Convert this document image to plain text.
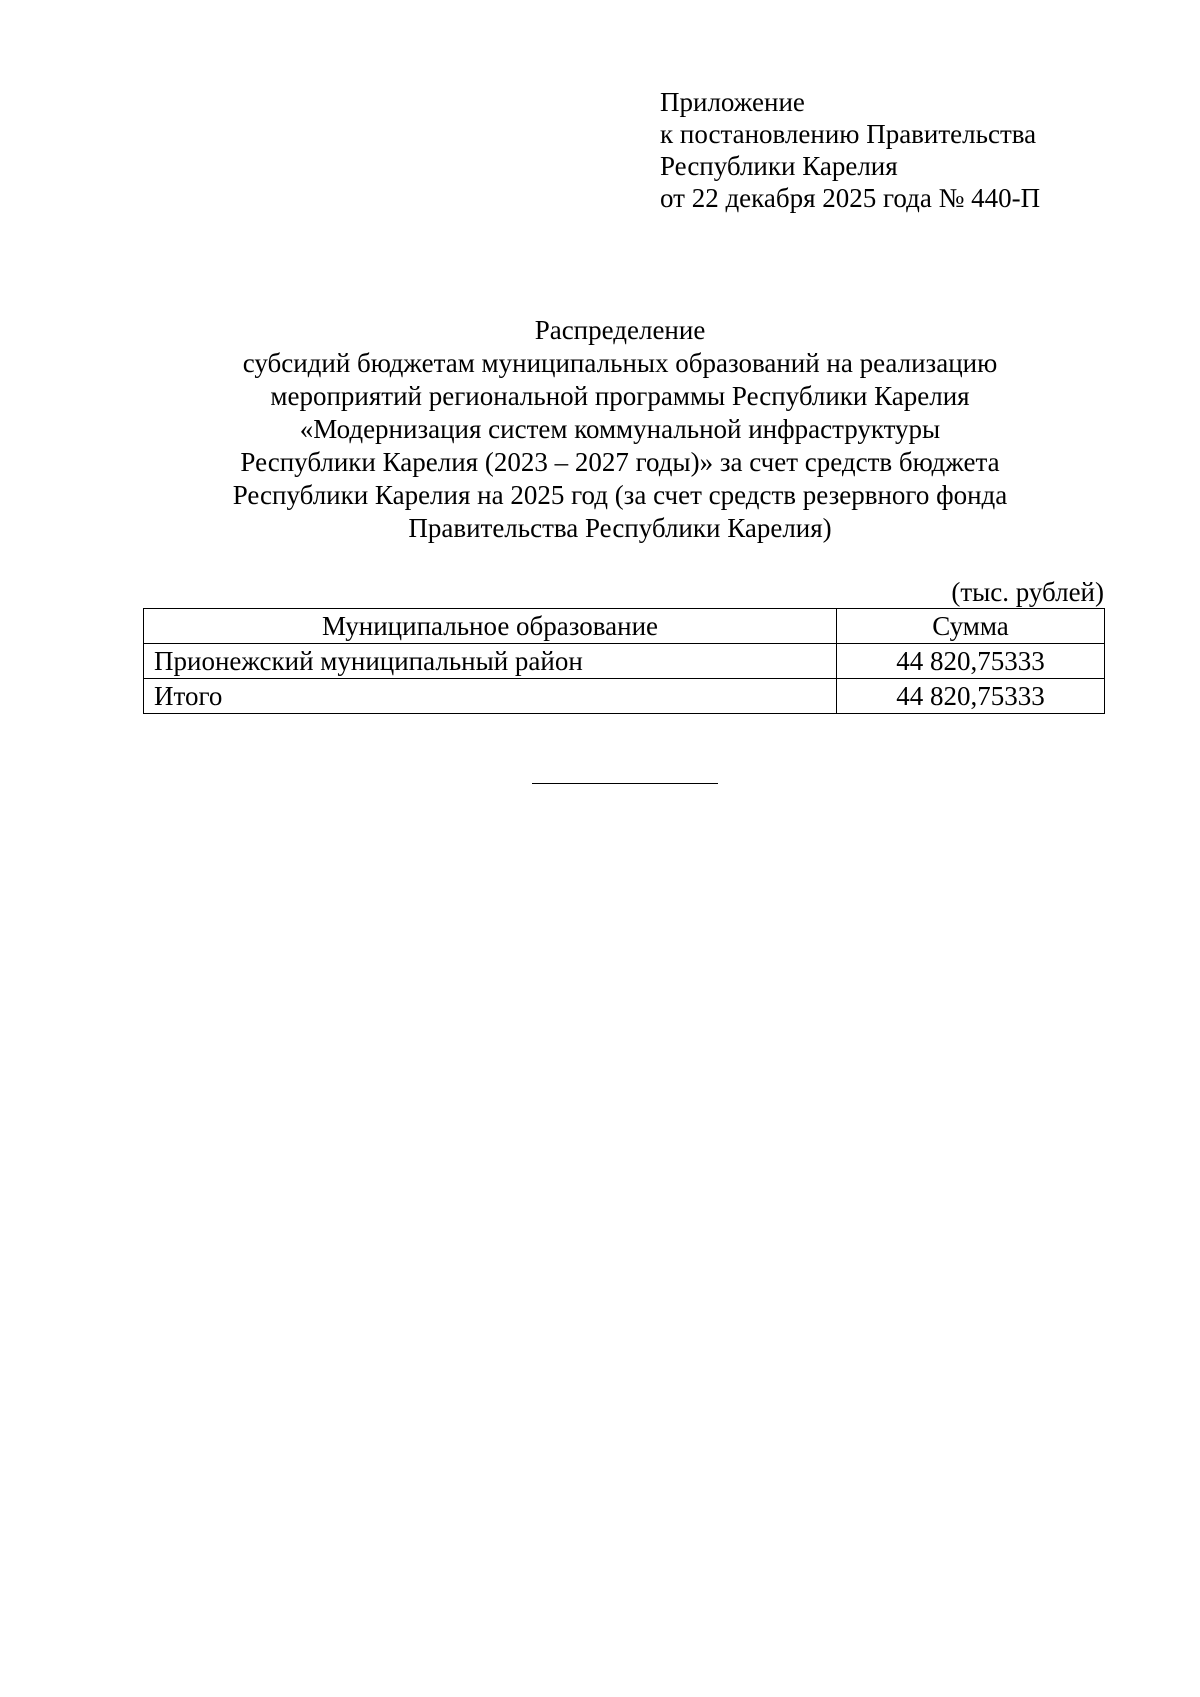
Приложение
к постановлению Правительства
Республики Карелия
от 22 декабря 2025 года № 440-П
Распределение
субсидий бюджетам муниципальных образований на реализацию
мероприятий региональной программы Республики Карелия
«Модернизация систем коммунальной инфраструктуры
Республики Карелия (2023 – 2027 годы)» за счет средств бюджета
Республики Карелия на 2025 год (за счет средств резервного фонда
Правительства Республики Карелия)
(тыс. рублей)
Муниципальное образование	Сумма
Прионежский муниципальный район	44 820,75333
Итого	44 820,75333
